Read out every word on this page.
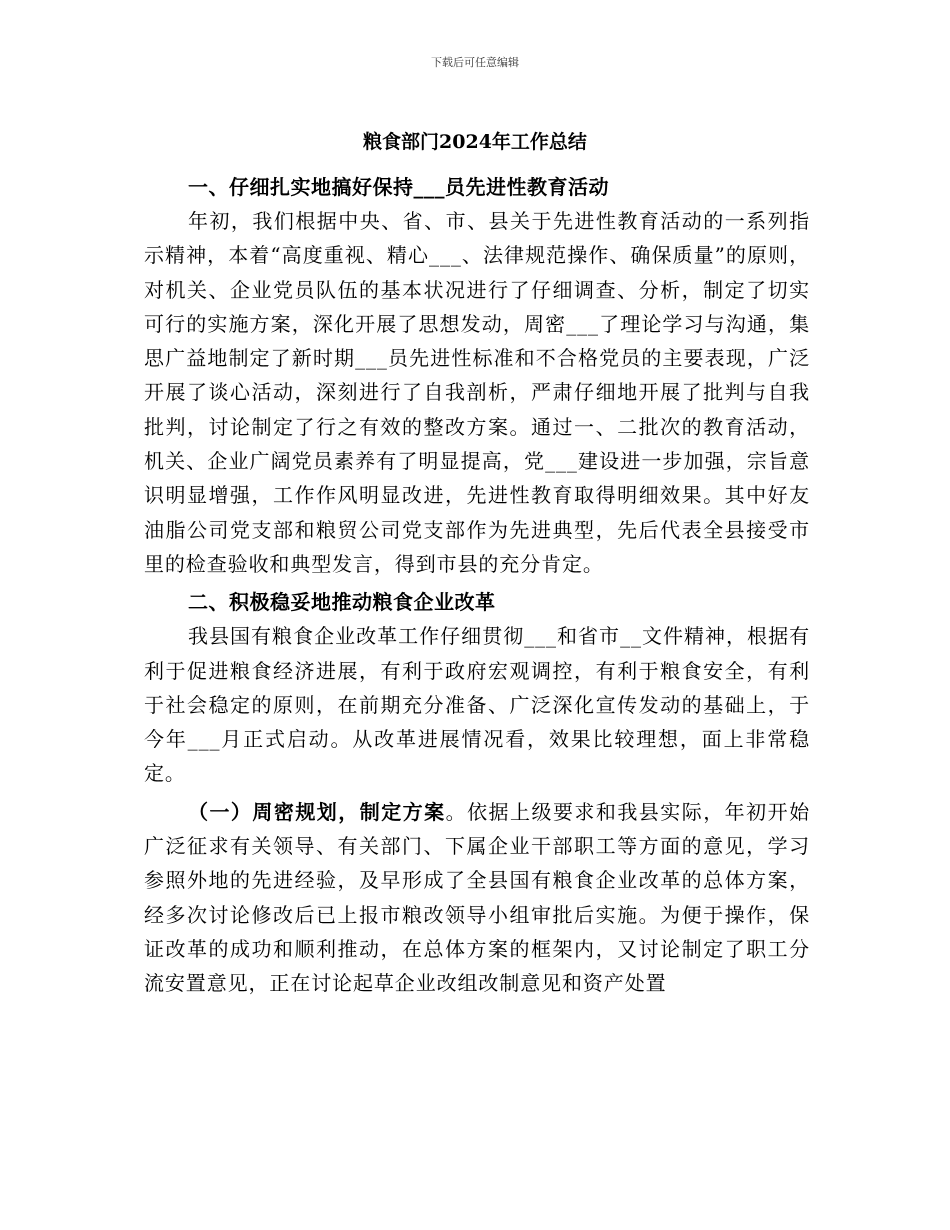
下载后可任意编辑
粮食部门2024年工作总结

一、仔细扎实地搞好保持___员先进性教育活动

年初，我们根据中央、省、市、县关于先进性教育活动的一系列指示精神，本着“高度重视、精心___、法律规范操作、确保质量”的原则，对机关、企业党员队伍的基本状况进行了仔细调查、分析，制定了切实可行的实施方案，深化开展了思想发动，周密___了理论学习与沟通，集思广益地制定了新时期___员先进性标准和不合格党员的主要表现，广泛开展了谈心活动，深刻进行了自我剖析，严肃仔细地开展了批判与自我批判，讨论制定了行之有效的整改方案。通过一、二批次的教育活动，机关、企业广阔党员素养有了明显提高，党___建设进一步加强，宗旨意识明显增强，工作作风明显改进，先进性教育取得明细效果。其中好友油脂公司党支部和粮贸公司党支部作为先进典型，先后代表全县接受市里的检查验收和典型发言，得到市县的充分肯定。

二、积极稳妥地推动粮食企业改革

我县国有粮食企业改革工作仔细贯彻___和省市__文件精神，根据有利于促进粮食经济进展，有利于政府宏观调控，有利于粮食安全，有利于社会稳定的原则，在前期充分准备、广泛深化宣传发动的基础上，于今年___月正式启动。从改革进展情况看，效果比较理想，面上非常稳定。

（一）周密规划，制定方案。依据上级要求和我县实际，年初开始广泛征求有关领导、有关部门、下属企业干部职工等方面的意见，学习参照外地的先进经验，及早形成了全县国有粮食企业改革的总体方案，经多次讨论修改后已上报市粮改领导小组审批后实施。为便于操作，保证改革的成功和顺利推动，在总体方案的框架内，又讨论制定了职工分流安置意见，正在讨论起草企业改组改制意见和资产处置
